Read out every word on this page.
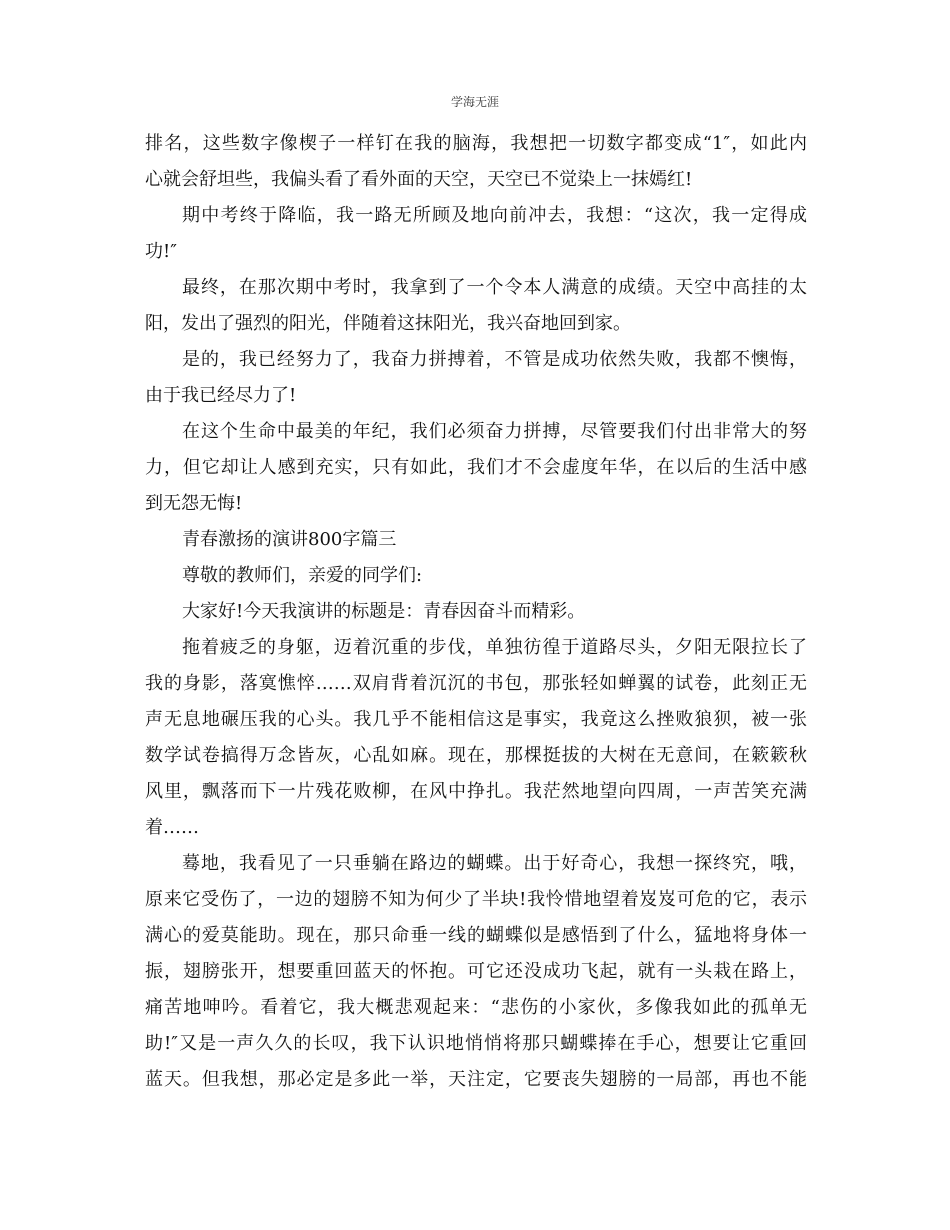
学海无涯
排名，这些数字像楔子一样钉在我的脑海，我想把一切数字都变成“1″，如此内
心就会舒坦些，我偏头看了看外面的天空，天空已不觉染上一抹嫣红!
期中考终于降临，我一路无所顾及地向前冲去，我想：“这次，我一定得成
功!″
最终，在那次期中考时，我拿到了一个令本人满意的成绩。天空中高挂的太
阳，发出了强烈的阳光，伴随着这抹阳光，我兴奋地回到家。
是的，我已经努力了，我奋力拼搏着，不管是成功依然失败，我都不懊悔，
由于我已经尽力了!
在这个生命中最美的年纪，我们必须奋力拼搏，尽管要我们付出非常大的努
力，但它却让人感到充实，只有如此，我们才不会虚度年华，在以后的生活中感
到无怨无悔!
青春激扬的演讲800字篇三
尊敬的教师们，亲爱的同学们:
大家好!今天我演讲的标题是：青春因奋斗而精彩。
拖着疲乏的身躯，迈着沉重的步伐，单独彷徨于道路尽头，夕阳无限拉长了
我的身影，落寞憔悴……双肩背着沉沉的书包，那张轻如蝉翼的试卷，此刻正无
声无息地碾压我的心头。我几乎不能相信这是事实，我竟这么挫败狼狈，被一张
数学试卷搞得万念皆灰，心乱如麻。现在，那棵挺拔的大树在无意间，在簌簌秋
风里，飘落而下一片残花败柳，在风中挣扎。我茫然地望向四周，一声苦笑充满
着……
蓦地，我看见了一只垂躺在路边的蝴蝶。出于好奇心，我想一探终究，哦，
原来它受伤了，一边的翅膀不知为何少了半块!我怜惜地望着岌岌可危的它，表示
满心的爱莫能助。现在，那只命垂一线的蝴蝶似是感悟到了什么，猛地将身体一
振，翅膀张开，想要重回蓝天的怀抱。可它还没成功飞起，就有一头栽在路上，
痛苦地呻吟。看着它，我大概悲观起来：“悲伤的小家伙，多像我如此的孤单无
助!″又是一声久久的长叹，我下认识地悄悄将那只蝴蝶捧在手心，想要让它重回
蓝天。但我想，那必定是多此一举，天注定，它要丧失翅膀的一局部，再也不能
